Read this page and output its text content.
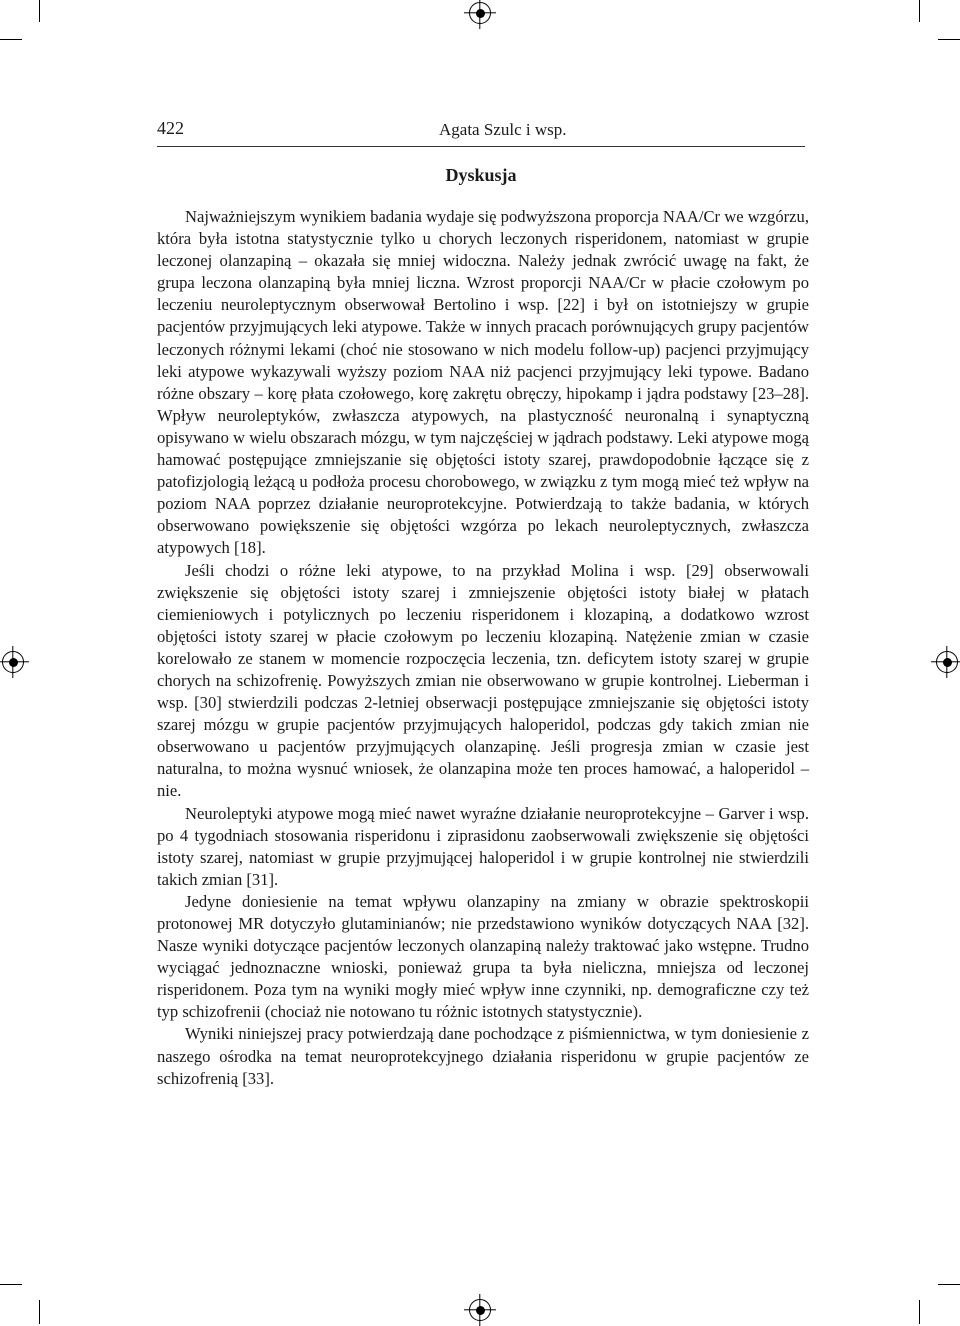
422	Agata Szulc i wsp.
Dyskusja

Najważniejszym wynikiem badania wydaje się podwyższona proporcja NAA/Cr we wzgórzu, która była istotna statystycznie tylko u chorych leczonych risperidonem, natomiast w grupie leczonej olanzapiną – okazała się mniej widoczna. Należy jednak zwrócić uwagę na fakt, że grupa leczona olanzapiną była mniej liczna. Wzrost proporcji NAA/Cr w płacie czołowym po leczeniu neuroleptycznym obserwował Bertolino i wsp. [22] i był on istotniejszy w grupie pacjentów przyjmujących leki atypowe. Także w innych pracach porównujących grupy pacjentów leczonych różnymi lekami (choć nie stosowano w nich modelu follow-up) pacjenci przyjmujący leki atypowe wykazywali wyższy poziom NAA niż pacjenci przyjmujący leki typowe. Badano różne obszary – korę płata czołowego, korę zakrętu obręczy, hipokamp i jądra podstawy [23–28]. Wpływ neuroleptyków, zwłaszcza atypowych, na plastyczność neuronalną i synaptyczną opisywano w wielu obszarach mózgu, w tym najczęściej w jądrach podstawy. Leki atypowe mogą hamować postępujące zmniejszanie się objętości istoty szarej, prawdopodobnie łączące się z patofizjologią leżącą u podłoża procesu chorobowego, w związku z tym mogą mieć też wpływ na poziom NAA poprzez działanie neuroprotekcyjne. Potwierdzają to także badania, w których obserwowano powiększenie się objętości wzgórza po lekach neuroleptycznych, zwłaszcza atypowych [18].

Jeśli chodzi o różne leki atypowe, to na przykład Molina i wsp. [29] obserwowali zwiększenie się objętości istoty szarej i zmniejszenie objętości istoty białej w płatach ciemieniowych i potylicznych po leczeniu risperidonem i klozapiną, a dodatkowo wzrost objętości istoty szarej w płacie czołowym po leczeniu klozapiną. Natężenie zmian w czasie korelowało ze stanem w momencie rozpoczęcia leczenia, tzn. deficytem istoty szarej w grupie chorych na schizofrenię. Powyższych zmian nie obserwowano w grupie kontrolnej. Lieberman i wsp. [30] stwierdzili podczas 2-letniej obserwacji postępujące zmniejszanie się objętości istoty szarej mózgu w grupie pacjentów przyjmujących haloperidol, podczas gdy takich zmian nie obserwowano u pacjentów przyjmujących olanzapinę. Jeśli progresja zmian w czasie jest naturalna, to można wysnuć wniosek, że olanzapina może ten proces hamować, a haloperidol – nie.

Neuroleptyki atypowe mogą mieć nawet wyraźne działanie neuroprotekcyjne – Garver i wsp. po 4 tygodniach stosowania risperidonu i ziprasidonu zaobserwowali zwiększenie się objętości istoty szarej, natomiast w grupie przyjmującej haloperidol i w grupie kontrolnej nie stwierdzili takich zmian [31].

Jedyne doniesienie na temat wpływu olanzapiny na zmiany w obrazie spektroskopii protonowej MR dotyczyło glutaminianów; nie przedstawiono wyników dotyczących NAA [32]. Nasze wyniki dotyczące pacjentów leczonych olanzapiną należy traktować jako wstępne. Trudno wyciągać jednoznaczne wnioski, ponieważ grupa ta była nieliczna, mniejsza od leczonej risperidonem. Poza tym na wyniki mogły mieć wpływ inne czynniki, np. demograficzne czy też typ schizofrenii (chociaż nie notowano tu różnic istotnych statystycznie).

Wyniki niniejszej pracy potwierdzają dane pochodzące z piśmiennictwa, w tym doniesienie z naszego ośrodka na temat neuroprotekcyjnego działania risperidonu w grupie pacjentów ze schizofrenią [33].
